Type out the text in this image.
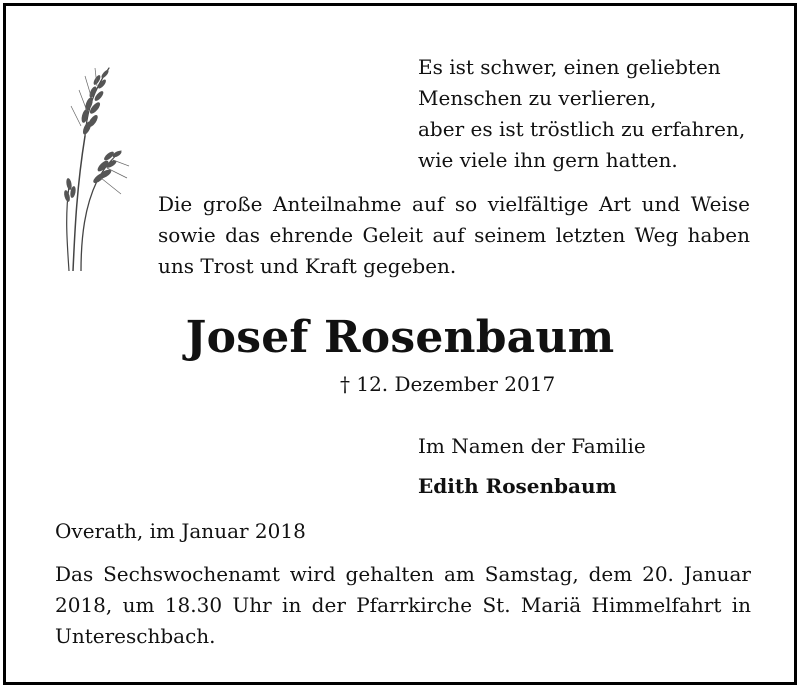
Es ist schwer, einen geliebten
Menschen zu verlieren,
aber es ist tröstlich zu erfahren,
wie viele ihn gern hatten.
Die große Anteilnahme auf so vielfältige Art und Weise
sowie das ehrende Geleit auf seinem letzten Weg haben
uns Trost und Kraft gegeben.
Josef Rosenbaum
† 12. Dezember 2017
Im Namen der Familie
Edith Rosenbaum
Overath, im Januar 2018
Das Sechswochenamt wird gehalten am Samstag, dem 20. Januar
2018, um 18.30 Uhr in der Pfarrkirche St. Mariä Himmelfahrt in
Untereschbach.
